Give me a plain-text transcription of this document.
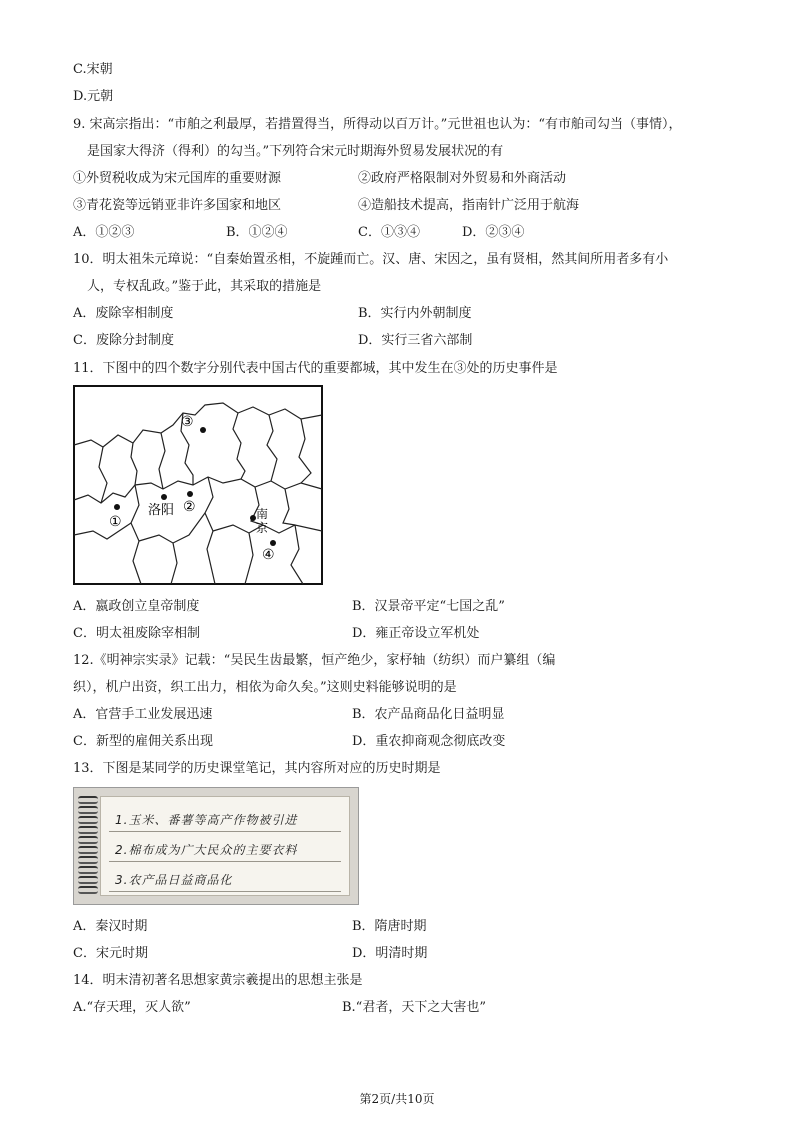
C.宋朝
D.元朝
9. 宋高宗指出：“市舶之利最厚，若措置得当，所得动以百万计。”元世祖也认为：“有市舶司勾当（事情），
是国家大得济（得利）的勾当。”下列符合宋元时期海外贸易发展状况的有
①外贸税收成为宋元国库的重要财源	②政府严格限制对外贸易和外商活动
③青花瓷等远销亚非许多国家和地区	④造船技术提高，指南针广泛用于航海
A．①②③	B．①②④	C．①③④	D．②③④
10．明太祖朱元璋说：“自秦始置丞相，不旋踵而亡。汉、唐、宋因之，虽有贤相，然其间所用者多有小
人，专权乱政。”鉴于此，其采取的措施是
A．废除宰相制度	B．实行内外朝制度
C．废除分封制度	D．实行三省六部制
11．下图中的四个数字分别代表中国古代的重要都城，其中发生在③处的历史事件是
③
①
洛阳 ②	南
京
④
A．嬴政创立皇帝制度	B．汉景帝平定“七国之乱”
C．明太祖废除宰相制	D．雍正帝设立军机处
12.《明神宗实录》记载：“吴民生齿最繁，恒产绝少，家杼轴（纺织）而户纂组（编
织），机户出资，织工出力，相依为命久矣。”这则史料能够说明的是
A．官营手工业发展迅速	B．农产品商品化日益明显
C．新型的雇佣关系出现	D．重农抑商观念彻底改变
13．下图是某同学的历史课堂笔记，其内容所对应的历史时期是
1.玉米、番薯等高产作物被引进
2.棉布成为广大民众的主要衣料
3.农产品日益商品化
A．秦汉时期	B．隋唐时期
C．宋元时期	D．明清时期
14．明末清初著名思想家黄宗羲提出的思想主张是
A.“存天理，灭人欲”	B.“君者，天下之大害也”
第2页/共10页
